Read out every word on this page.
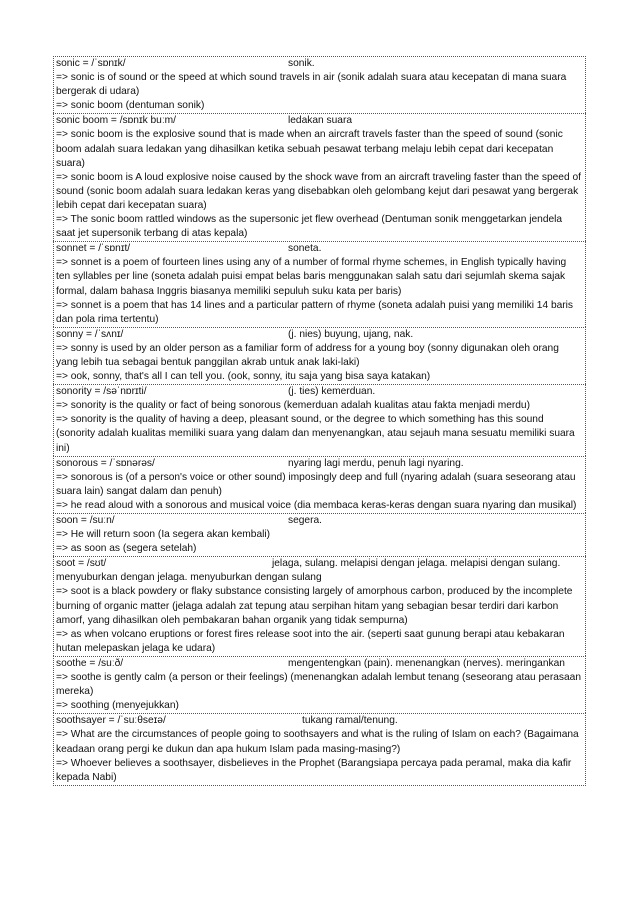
sonic = /ˈsɒnɪk/	sonik.
=> sonic is of sound or the speed at which sound travels in air (sonik adalah suara atau kecepatan di mana suara bergerak di udara)
=> sonic boom (dentuman sonik)
sonic boom = /sɒnɪk buːm/	ledakan suara
=> sonic boom is the explosive sound that is made when an aircraft travels faster than the speed of sound (sonic boom adalah suara ledakan yang dihasilkan ketika sebuah pesawat terbang melaju lebih cepat dari kecepatan suara)
=> sonic boom is A loud explosive noise caused by the shock wave from an aircraft traveling faster than the speed of sound (sonic boom adalah suara ledakan keras yang disebabkan oleh gelombang kejut dari pesawat yang bergerak lebih cepat dari kecepatan suara)
=> The sonic boom rattled windows as the supersonic jet flew overhead (Dentuman sonik menggetarkan jendela saat jet supersonik terbang di atas kepala)
sonnet = /ˈsɒnɪt/	soneta.
=> sonnet is a poem of fourteen lines using any of a number of formal rhyme schemes, in English typically having ten syllables per line (soneta adalah puisi empat belas baris menggunakan salah satu dari sejumlah skema sajak formal, dalam bahasa Inggris biasanya memiliki sepuluh suku kata per baris)
=> sonnet is a poem that has 14 lines and a particular pattern of rhyme (soneta adalah puisi yang memiliki 14 baris dan pola rima tertentu)
sonny = /ˈsʌnɪ/	(j. nies) buyung, ujang, nak.
=> sonny is used by an older person as a familiar form of address for a young boy (sonny digunakan oleh orang yang lebih tua sebagai bentuk panggilan akrab untuk anak laki-laki)
=> ook, sonny, that's all I can tell you. (ook, sonny, itu saja yang bisa saya katakan)
sonority = /səˈnɒrɪti/	(j. ties) kemerduan.
=> sonority is the quality or fact of being sonorous (kemerduan adalah kualitas atau fakta menjadi merdu)
=> sonority is the quality of having a deep, pleasant sound, or the degree to which something has this sound (sonority adalah kualitas memiliki suara yang dalam dan menyenangkan, atau sejauh mana sesuatu memiliki suara ini)
sonorous = /ˈsɒnərəs/	nyaring lagi merdu, penuh lagi nyaring.
=> sonorous is (of a person's voice or other sound) imposingly deep and full (nyaring adalah (suara seseorang atau suara lain) sangat dalam dan penuh)
=> he read aloud with a sonorous and musical voice (dia membaca keras-keras dengan suara nyaring dan musikal)
soon = /suːn/	segera.
=> He will return soon (Ia segera akan kembali)
=> as soon as (segera setelah)
soot = /sʊt/	jelaga, sulang. melapisi dengan jelaga. melapisi dengan sulang.
menyuburkan dengan jelaga. menyuburkan dengan sulang
=> soot is a black powdery or flaky substance consisting largely of amorphous carbon, produced by the incomplete burning of organic matter (jelaga adalah zat tepung atau serpihan hitam yang sebagian besar terdiri dari karbon amorf, yang dihasilkan oleh pembakaran bahan organik yang tidak sempurna)
=> as when volcano eruptions or forest fires release soot into the air. (seperti saat gunung berapi atau kebakaran hutan melepaskan jelaga ke udara)
soothe = /suːð/	mengentengkan (pain). menenangkan (nerves). meringankan
=> soothe is gently calm (a person or their feelings) (menenangkan adalah lembut tenang (seseorang atau perasaan mereka)
=> soothing (menyejukkan)
soothsayer = /ˈsuːθseɪə/	tukang ramal/tenung.
=> What are the circumstances of people going to soothsayers and what is the ruling of Islam on each? (Bagaimana keadaan orang pergi ke dukun dan apa hukum Islam pada masing-masing?)
=> Whoever believes a soothsayer, disbelieves in the Prophet (Barangsiapa percaya pada peramal, maka dia kafir kepada Nabi)
